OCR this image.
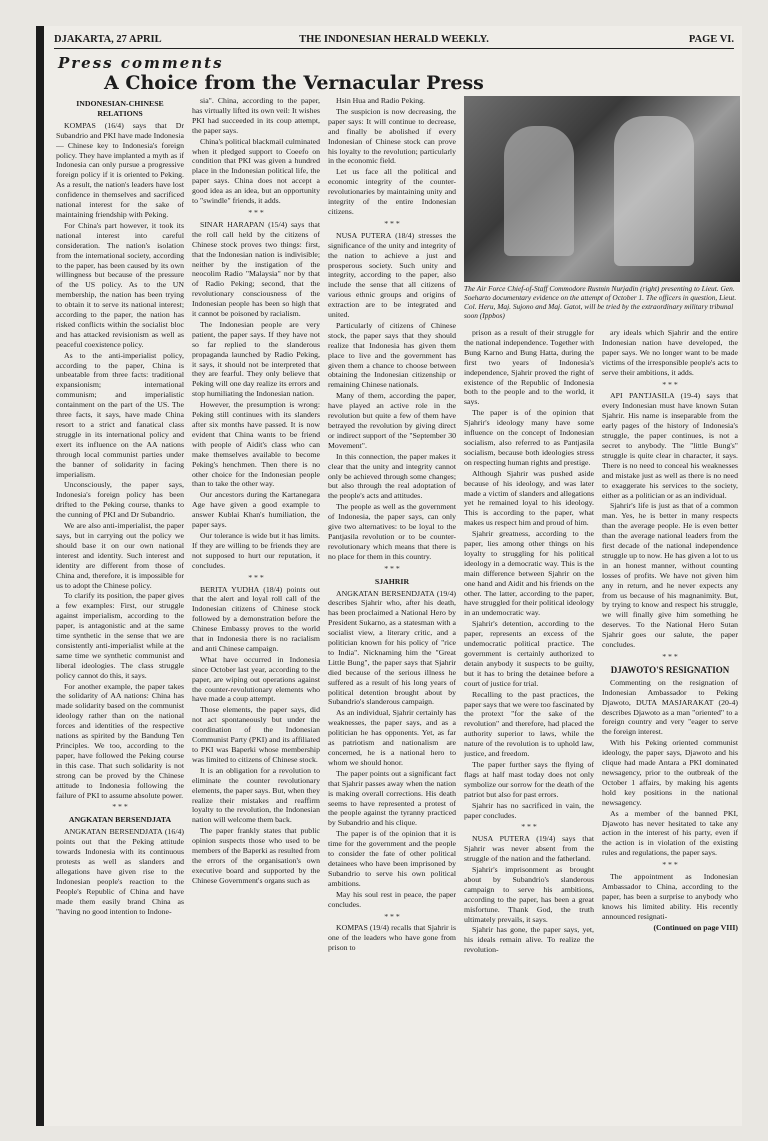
DJAKARTA, 27 APRIL	THE INDONESIAN HERALD WEEKLY.	PAGE VI.
Press comments
A Choice from the Vernacular Press

INDONESIAN-CHINESE RELATIONS

KOMPAS (16/4) says that Dr Subandrio and PKI have made Indonesia — Chinese key to Indonesia's foreign policy. They have implanted a myth as if Indonesia can only pursue a progressive foreign policy if it is oriented to Peking. As a result, the nation's leaders have lost confidence in themselves and sacrificed national interest for the sake of maintaining friendship with Peking.

For China's part however, it took its national interest into careful consideration. The nation's isolation from the international society, according to the paper, has been caused by its own willingness but because of the pressure of the US policy. As to the UN membership, the nation has been trying to obtain it to serve its national interest; according to the paper, the nation has risked conflicts within the socialist bloc and has attacked revisionism as well as peaceful coexistence policy.

As to the anti-imperialist policy, according to the paper, China is unbeatable from three facts: traditional expansionism; international communism; and imperialistic containment on the part of the US. The three facts, it says, have made China resort to a strict and fanatical class struggle in its international policy and exert its influence on the AA nations through local communist parties under the banner of solidarity in facing imperialism.

Unconsciously, the paper says, Indonesia's foreign policy has been drifted to the Peking course, thanks to the cunning of PKI and Dr Subandrio.

We are also anti-imperialist, the paper says, but in carrying out the policy we should base it on our own national interest and identity. Such interest and identity are different from those of China and, therefore, it is impossible for us to adopt the Chinese policy.

To clarify its position, the paper gives a few examples: First, our struggle against imperialism, according to the paper, is antagonistic and at the same time synthetic in the sense that we are consistently anti-imperialist while at the same time we synthetic communist and liberal ideologies. The class struggle policy cannot do this, it says.

For another example, the paper takes the solidarity of AA nations: China has made solidarity based on the communist ideology rather than on the national forces and identities of the respective nations as spirited by the Bandung Ten Principles. We too, according to the paper, have followed the Peking course in this case. That such solidarity is not strong can be proved by the Chinese attitude to Indonesia following the failure of PKI to assume absolute power.

* * *

ANGKATAN BERSENDJATA

ANGKATAN BERSENDJATA (16/4) points out that the Peking attitude towards Indonesia with its continuous protests as well as slanders and allegations have given rise to the Indonesian people's reaction to the People's Republic of China and have made them easily brand China as "having no good intention to Indone-

sia". China, according to the paper, has virtually lifted its own veil: It wishes PKI had succeeded in its coup attempt, the paper says.

China's political blackmail culminated when it pledged support to Coeefo on condition that PKI was given a hundred place in the Indonesian political life, the paper says. China does not accept a good idea as an idea, but an opportunity to "swindle" friends, it adds.

* * *

SINAR HARAPAN (15/4) says that the roll call held by the citizens of Chinese stock proves two things: first, that the Indonesian nation is indivisible; neither by the instigation of the neocolim Radio "Malaysia" nor by that of Radio Peking; second, that the revolutionary consciousness of the Indonesian people has been so high that it cannot be poisoned by racialism.

The Indonesian people are very patient, the paper says. If they have not so far replied to the slanderous propaganda launched by Radio Peking, it says, it should not be interpreted that they are fearful. They only believe that Peking will one day realize its errors and stop humiliating the Indonesian nation.

However, the presumption is wrong: Peking still continues with its slanders after six months have passed. It is now evident that China wants to be friend with people of Aidit's class who can make themselves available to become Peking's henchmen. Then there is no other choice for the Indonesian people than to take the other way.

Our ancestors during the Kartanegara Age have given a good example to answer Kublai Khan's humiliation, the paper says.

Our tolerance is wide but it has limits. If they are willing to be friends they are not supposed to hurt our reputation, it concludes.

* * *

BERITA YUDHA (18/4) points out that the alert and loyal roll call of the Indonesian citizens of Chinese stock followed by a demonstration before the Chinese Embassy proves to the world that in Indonesia there is no racialism and anti Chinese campaign.

What have occurred in Indonesia since October last year, according to the paper, are wiping out operations against the counter-revolutionary elements who have made a coup attempt.

Those elements, the paper says, did not act spontaneously but under the coordination of the Indonesian Communist Party (PKI) and its affiliated to PKI was Baperki whose membership was limited to citizens of Chinese stock.

It is an obligation for a revolution to eliminate the counter revolutionary elements, the paper says. But, when they realize their mistakes and reaffirm loyalty to the revolution, the Indonesian nation will welcome them back.

The paper frankly states that public opinion suspects those who used to be members of the Baperki as resulted from the errors of the organisation's own executive board and supported by the Chinese Government's organs such as

Hsin Hua and Radio Peking.

The suspicion is now decreasing, the paper says: It will continue to decrease, and finally be abolished if every Indonesian of Chinese stock can prove his loyalty to the revolution; particularly in the economic field.

Let us face all the political and economic integrity of the counter-revolutionaries by maintaining unity and integrity of the entire Indonesian citizens.

* * *

NUSA PUTERA (18/4) stresses the significance of the unity and integrity of the nation to achieve a just and prosperous society. Such unity and integrity, according to the paper, also include the sense that all citizens of various ethnic groups and origins of extraction are to be integrated and united.

Particularly of citizens of Chinese stock, the paper says that they should realize that Indonesia has given them place to live and the government has given them a chance to choose between obtaining the Indonesian citizenship or remaining Chinese nationals.

Many of them, according the paper, have played an active role in the revolution but quite a few of them have betrayed the revolution by giving direct or indirect support of the "September 30 Movement".

In this connection, the paper makes it clear that the unity and integrity cannot only be achieved through some changes; but also through the real adoptation of the people's acts and attitudes.

The people as well as the government of Indonesia, the paper says, can only give two alternatives: to be loyal to the Pantjasila revolution or to be counter-revolutionary which means that there is no place for them in this country.

* * *

SJAHRIR

ANGKATAN BERSENDJATA (19/4) describes Sjahrir who, after his death, has been proclaimed a National Hero by President Sukarno, as a statesman with a socialist view, a literary critic, and a politician known for his policy of "rice to India". Nicknaming him the "Great Little Bung", the paper says that Sjahrir died because of the serious illness he suffered as a result of his long years of political detention brought about by Subandrio's slanderous campaign.

As an individual, Sjahrir certainly has weaknesses, the paper says, and as a politician he has opponents. Yet, as far as patriotism and nationalism are concerned, he is a national hero to whom we should honor.

The paper points out a significant fact that Sjahrir passes away when the nation is making overall corrections. His death seems to have represented a protest of the people against the tyranny practiced by Subandrio and his clique.

The paper is of the opinion that it is time for the government and the people to consider the fate of other political detainees who have been imprisoned by Subandrio to serve his own political ambitions.

May his soul rest in peace, the paper concludes.

* * *

KOMPAS (19/4) recalls that Sjahrir is one of the leaders who have gone from prison to

The Air Force Chief-of-Staff Commodore Rusmin Nurjadin (right) presenting to Lieut. Gen. Soeharto documentary evidence on the attempt of October 1. The officers in question, Lieut. Col. Heru, Maj. Sujono and Maj. Gatot, will be tried by the extraordinary military tribunal soon (Ippbos)

prison as a result of their struggle for the national independence. Together with Bung Karno and Bung Hatta, during the first two years of Indonesia's independence, Sjahrir proved the right of existence of the Republic of Indonesia both to the people and to the world, it says.

The paper is of the opinion that Sjahrir's ideology many have some influence on the concept of Indonesian socialism, also referred to as Pantjasila socialism, because both ideologies stress on respecting human rights and prestige.

Although Sjahrir was pushed aside because of his ideology, and was later made a victim of slanders and allegations yet he remained loyal to his ideology. This is according to the paper, what makes us respect him and proud of him.

Sjahrir greatness, according to the paper, lies among other things on his loyalty to struggling for his political ideology in a democratic way. This is the main difference between Sjahrir on the one hand and Aidit and his friends on the other. The latter, according to the paper, have struggled for their political ideology in an undemocratic way.

Sjahrir's detention, according to the paper, represents an excess of the undemocratic political practice. The government is certainly authorized to detain anybody it suspects to be guilty, but it has to bring the detainee before a court of justice for trial.

Recalling to the past practices, the paper says that we were too fascinated by the protext "for the sake of the revolution" and therefore, had placed the authority superior to laws, while the nature of the revolution is to uphold law, justice, and freedom.

The paper further says the flying of flags at half mast today does not only symbolize our sorrow for the death of the patriot but also for past errors.

Sjahrir has no sacrificed in vain, the paper concludes.

* * *

NUSA PUTERA (19/4) says that Sjahrir was never absent from the struggle of the nation and the fatherland.

Sjahrir's imprisonment as brought about by Subandrio's slanderous campaign to serve his ambitions, according to the paper, has been a great misfortune. Thank God, the truth ultimately prevails, it says.

Sjahrir has gone, the paper says, yet, his ideals remain alive. To realize the revolution-

ary ideals which Sjahrir and the entire Indonesian nation have developed, the paper says. We no longer want to be made victims of the irresponsible people's acts to serve their ambitions, it adds.

* * *

API PANTJASILA (19-4) says that every Indonesian must have known Sutan Sjahrir. His name is inseparable from the early pages of the history of Indonesia's struggle, the paper continues, is not a secret to anybody. The "little Bung's" struggle is quite clear in character, it says. There is no need to conceal his weaknesses and mistake just as well as there is no need to exaggerate his services to the society, either as a politician or as an individual.

Sjahrir's life is just as that of a common man. Yes, he is better in many respects than the average people. He is even better than the average national leaders from the first decade of the national independence struggle up to now. He has given a lot to us in an honest manner, without counting losses of profits. We have not given him any in return, and he never expects any from us because of his magnanimity. But, by trying to know and respect his struggle, we will finally give him something he deserves. To the National Hero Sutan Sjahrir goes our salute, the paper concludes.

* * *

DJAWOTO'S RESIGNATION

Commenting on the resignation of Indonesian Ambassador to Peking Djawoto, DUTA MASJARAKAT (20-4) describes Djawoto as a man "oriented" to a foreign country and very "eager to serve the foreign interest.

With his Peking oriented communist ideology, the paper says, Djawoto and his clique had made Antara a PKI dominated newsagency, prior to the outbreak of the October 1 affairs, by making his agents hold key positions in the national newsagency.

As a member of the banned PKI, Djawoto has never hesitated to take any action in the interest of his party, even if the action is in violation of the existing rules and regulations, the paper says.

* * *

The appointment as Indonesian Ambassador to China, according to the paper, has been a surprise to anybody who knows his limited ability. His recently announced resignati-

(Continued on page VIII)
